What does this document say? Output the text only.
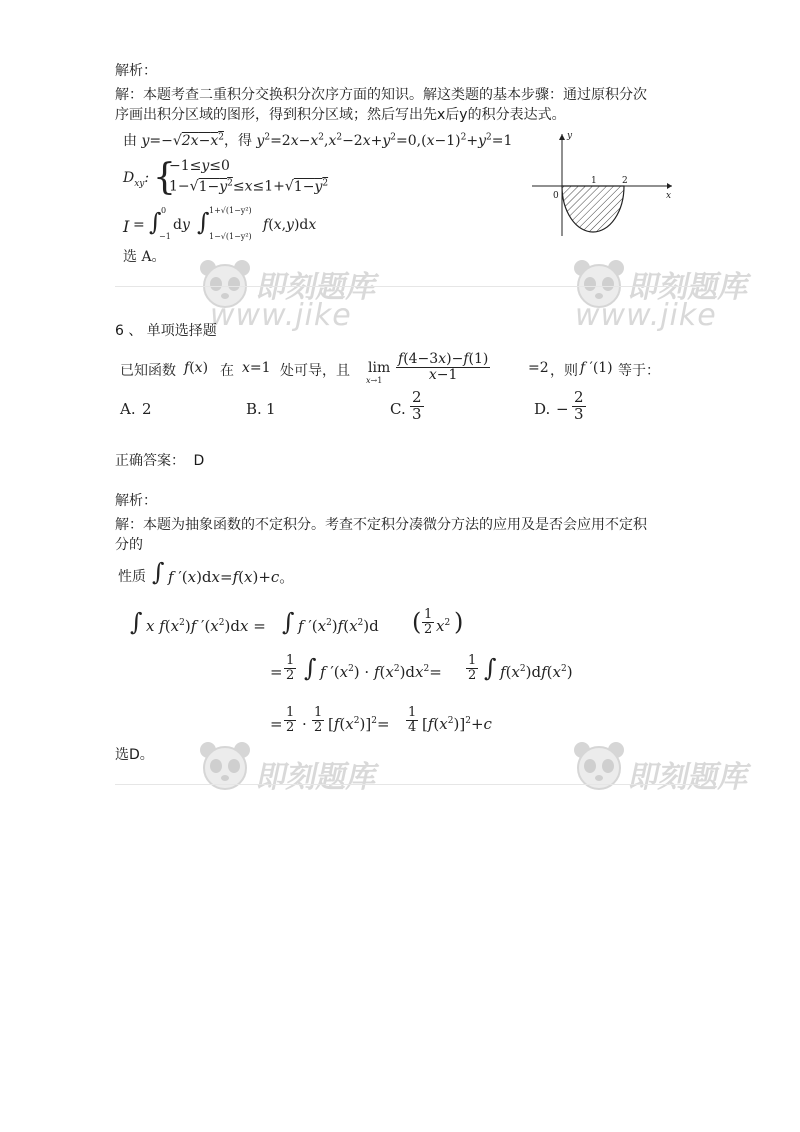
解析：
解：本题考查二重积分交换积分次序方面的知识。解这类题的基本步骤：通过原积分次
序画出积分区域的图形，得到积分区域；然后写出先x后y的积分表达式。
由 $y=-√2x-x^2$，得 $y^2=2x-x^2,x^2-2x+y^2=0,(x-1)^2+y^2=1$
$D_{xy}$: {
−1≤y≤0
$1-√1-y^2\le x\le 1+√1-y^2$
I = ∫ 0
−1
dy ∫ 1+√(1−y²)
1−√(1−y²)
f(x,y)dx
选 A。
y
x
0
1	2
即刻题库
www.jike
即刻题库
www.jike
6 、 单项选择题
已知函数 f(x) 在 x=1 处可导，且 lim
$x\to 1 \frac{f(4-3x)-f(1)}{x-1}$	=2 ，则 f ′(1) 等于：
A. 2	B. 1	C. $\frac{2}{3}$	D. − $\frac{2}{3}$
正确答案： D
解析：
解：本题为抽象函数的不定积分。考查不定积分凑微分方法的应用及是否会应用不定积
分的
性质 ∫ f ′(x)dx=f(x)+c。
∫ x $f(x^2)f$ $'(x^2)dx$ = ∫ f $'(x^2)f(x^2)d$ ( $\frac{1}{2} x^2$ )
= $\frac{1}{2}$ ∫ f $'(x^2) \cdot f(x^2)dx^2= \frac{1}{2}$ ∫ $f(x^2)df(x^2)$
= $\frac{1}{2} \cdot \frac{1}{2} [f(x^2)]^2= \frac{1}{4} [f(x^2)]^2+c$
选D。
即刻题库	即刻题库
